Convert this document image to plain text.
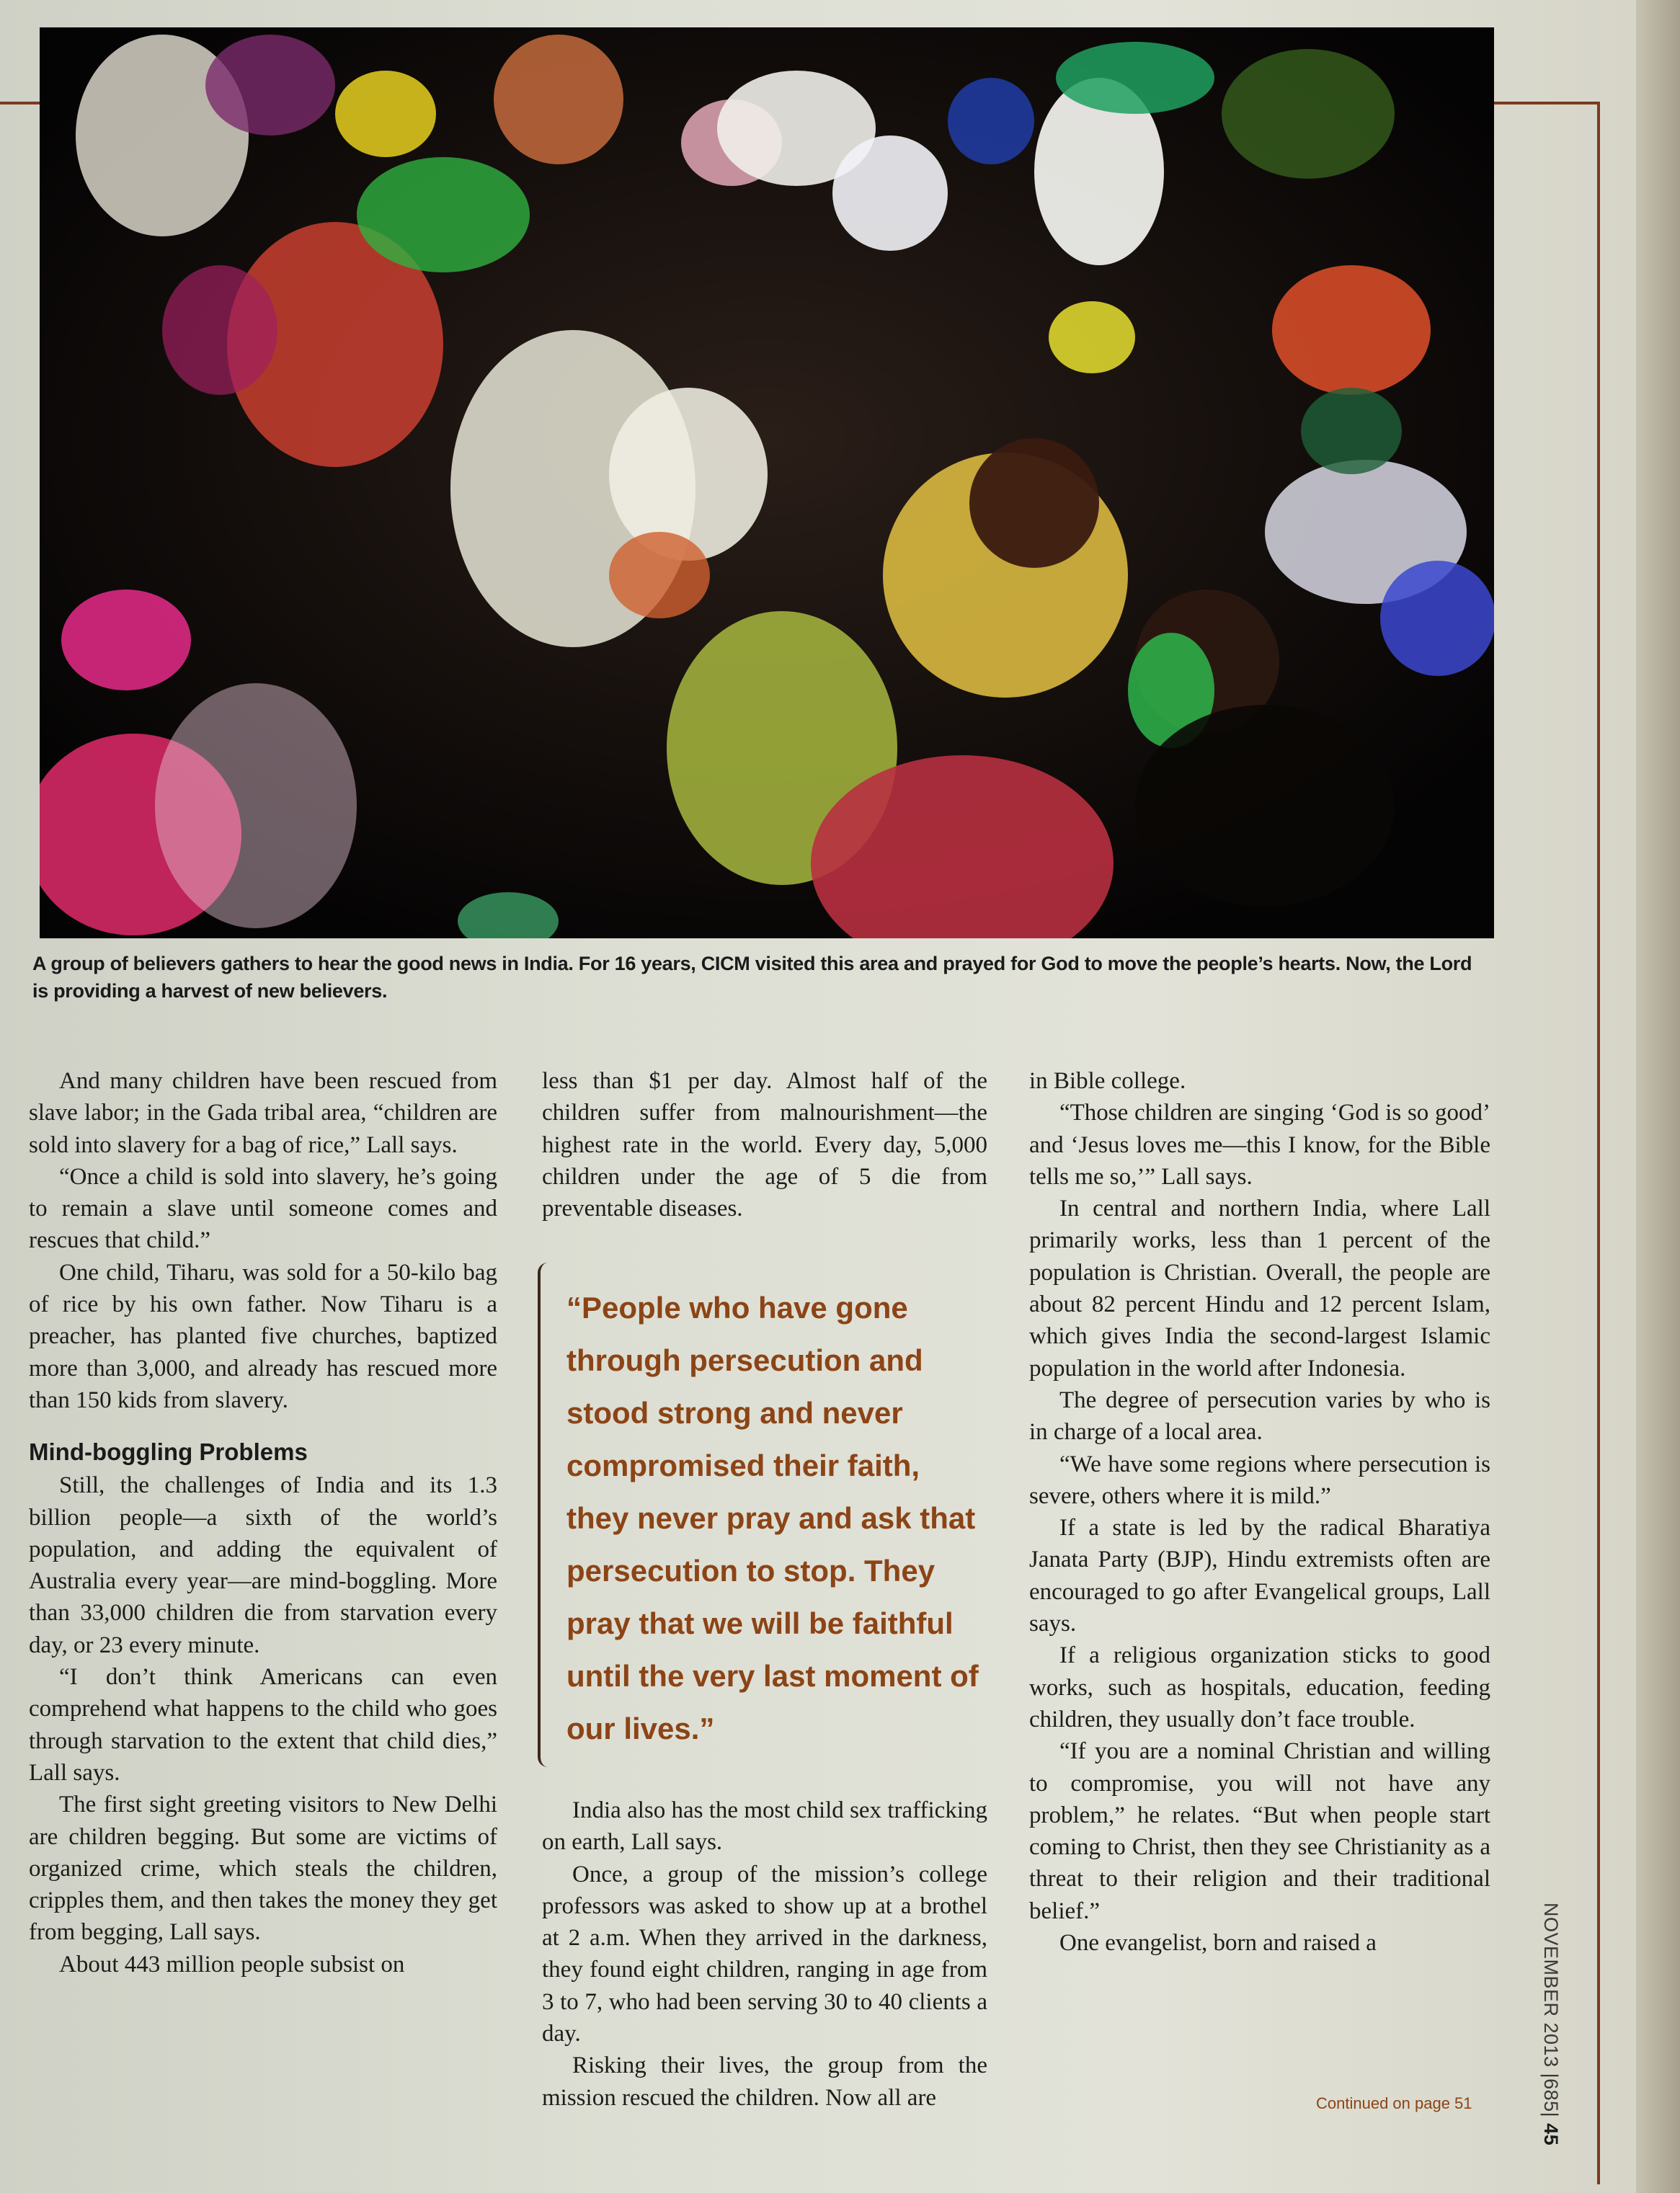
A group of believers gathers to hear the good news in India. For 16 years, CICM visited this area and prayed for God to move the people’s hearts. Now, the Lord is providing a harvest of new believers.

And many children have been rescued from slave labor; in the Gada tribal area, “children are sold into slavery for a bag of rice,” Lall says.

“Once a child is sold into slavery, he’s going to remain a slave until someone comes and rescues that child.”

One child, Tiharu, was sold for a 50-kilo bag of rice by his own father. Now Tiharu is a preacher, has planted five churches, baptized more than 3,000, and already has rescued more than 150 kids from slavery.

Mind-boggling Problems

Still, the challenges of India and its 1.3 billion people—a sixth of the world’s population, and adding the equivalent of Australia every year—are mind-boggling. More than 33,000 children die from starvation every day, or 23 every minute.

“I don’t think Americans can even comprehend what happens to the child who goes through starvation to the extent that child dies,” Lall says.

The first sight greeting visitors to New Delhi are children begging. But some are victims of organized crime, which steals the children, cripples them, and then takes the money they get from begging, Lall says.

About 443 million people subsist on

less than $1 per day. Almost half of the children suffer from malnourishment—the highest rate in the world. Every day, 5,000 children under the age of 5 die from preventable diseases.

“People who have gone through persecution and stood strong and never compromised their faith, they never pray and ask that persecution to stop. They pray that we will be faithful until the very last moment of our lives.”

India also has the most child sex trafficking on earth, Lall says.

Once, a group of the mission’s college professors was asked to show up at a brothel at 2 a.m. When they arrived in the darkness, they found eight children, ranging in age from 3 to 7, who had been serving 30 to 40 clients a day.

Risking their lives, the group from the mission rescued the children. Now all are

in Bible college.

“Those children are singing ‘God is so good’ and ‘Jesus loves me—this I know, for the Bible tells me so,’” Lall says.

In central and northern India, where Lall primarily works, less than 1 percent of the population is Christian. Overall, the people are about 82 percent Hindu and 12 percent Islam, which gives India the second-largest Islamic population in the world after Indonesia.

The degree of persecution varies by who is in charge of a local area.

“We have some regions where persecution is severe, others where it is mild.”

If a state is led by the radical Bharatiya Janata Party (BJP), Hindu extremists often are encouraged to go after Evangelical groups, Lall says.

If a religious organization sticks to good works, such as hospitals, education, feeding children, they usually don’t face trouble.

“If you are a nominal Christian and willing to compromise, you will not have any problem,” he relates. “But when people start coming to Christ, then they see Christianity as a threat to their religion and their traditional belief.”

One evangelist, born and raised a	NOVEMBER 2013 |685| 45
Continued on page 51
